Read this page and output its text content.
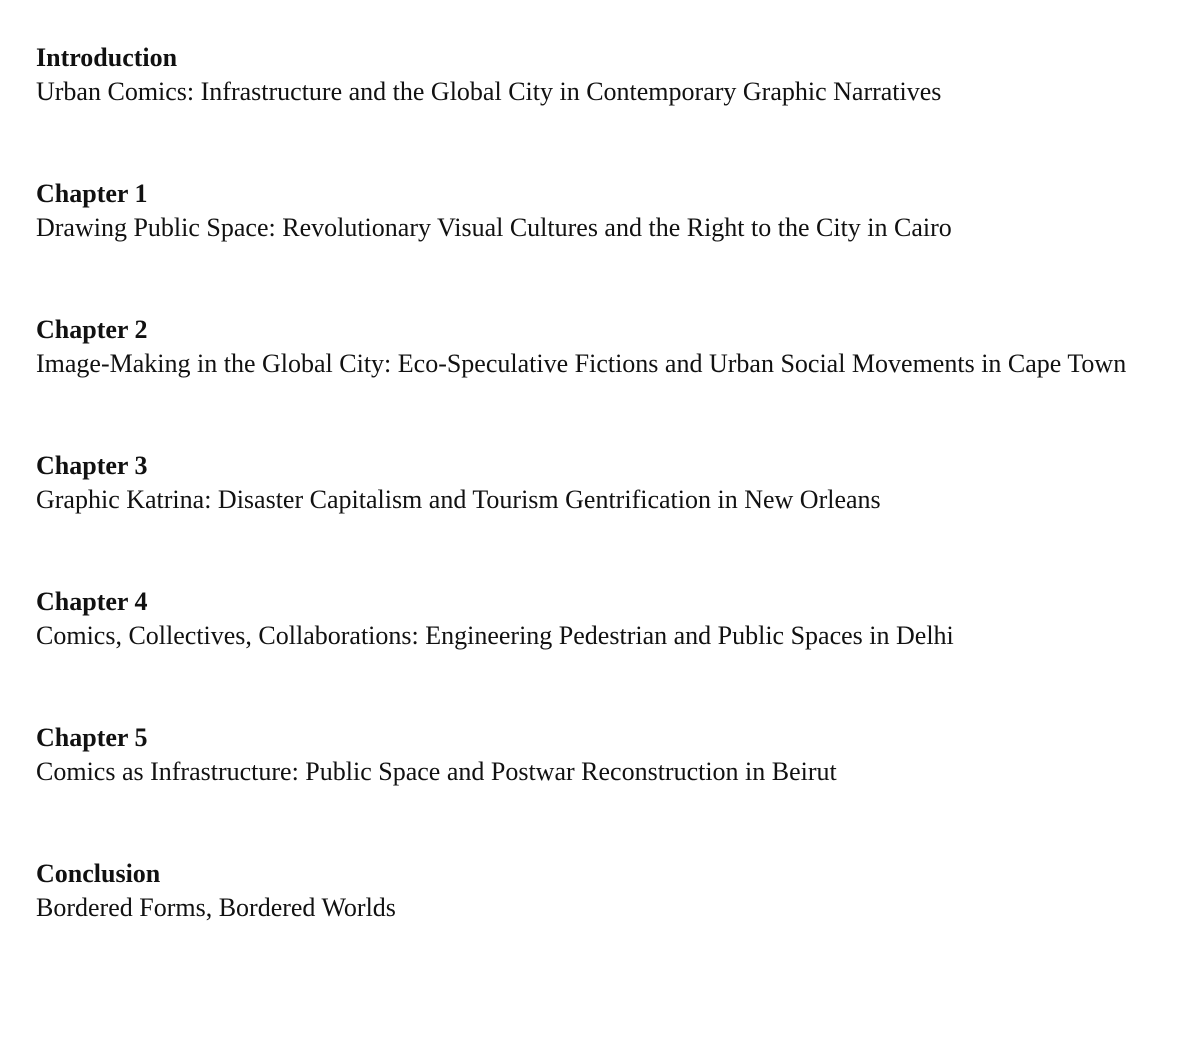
Introduction

Urban Comics: Infrastructure and the Global City in Contemporary Graphic Narratives

Chapter 1

Drawing Public Space: Revolutionary Visual Cultures and the Right to the City in Cairo

Chapter 2

Image-Making in the Global City: Eco-Speculative Fictions and Urban Social Movements in Cape Town

Chapter 3

Graphic Katrina: Disaster Capitalism and Tourism Gentrification in New Orleans

Chapter 4

Comics, Collectives, Collaborations: Engineering Pedestrian and Public Spaces in Delhi

Chapter 5

Comics as Infrastructure: Public Space and Postwar Reconstruction in Beirut

Conclusion

Bordered Forms, Bordered Worlds
